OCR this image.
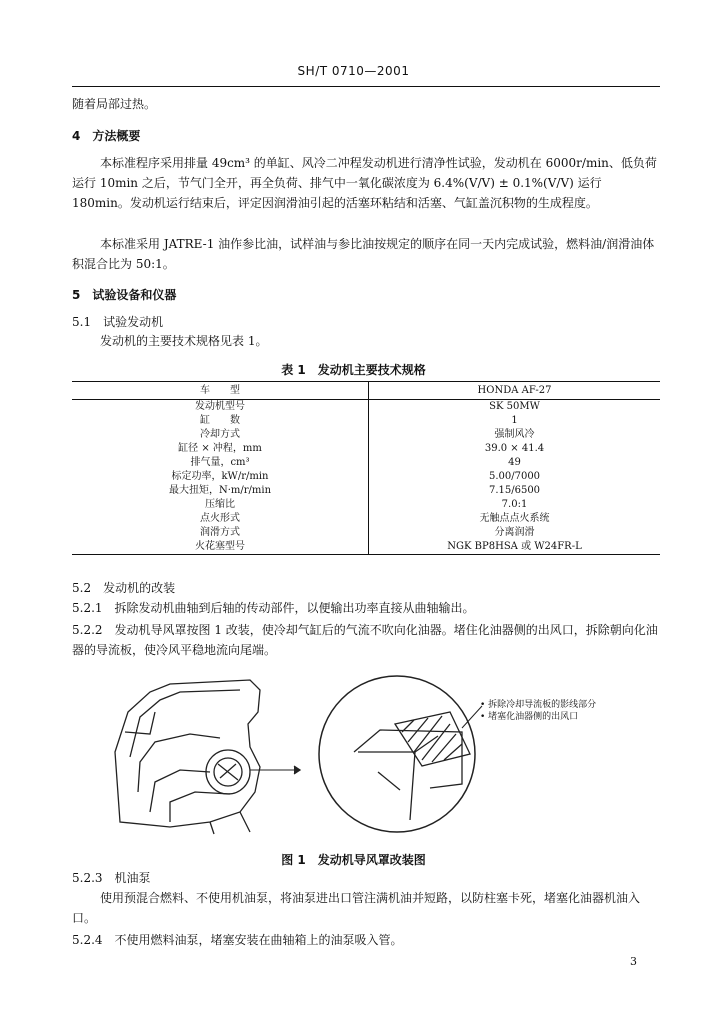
SH/T 0710—2001

随着局部过热。

4　方法概要

本标准程序采用排量 49cm³ 的单缸、风冷二冲程发动机进行清净性试验，发动机在 6000r/min、低负荷运行 10min 之后，节气门全开，再全负荷、排气中一氧化碳浓度为 6.4%(V/V) ± 0.1%(V/V) 运行 180min。发动机运行结束后，评定因润滑油引起的活塞环粘结和活塞、气缸盖沉积物的生成程度。

本标准采用 JATRE-1 油作参比油，试样油与参比油按规定的顺序在同一天内完成试验，燃料油/润滑油体积混合比为 50:1。

5　试验设备和仪器

5.1　试验发动机

发动机的主要技术规格见表 1。

表 1　发动机主要技术规格
车　　型	HONDA AF-27
发动机型号	SK 50MW
缸　　数	1
冷却方式	强制风冷
缸径 × 冲程，mm	39.0 × 41.4
排气量，cm³	49
标定功率，kW/r/min	5.00/7000
最大扭矩，N·m/r/min	7.15/6500
压缩比	7.0:1
点火形式	无触点点火系统
润滑方式	分离润滑
火花塞型号	NGK BP8HSA 或 W24FR-L

5.2　发动机的改装

5.2.1　拆除发动机曲轴到后轴的传动部件，以便输出功率直接从曲轴输出。

5.2.2　发动机导风罩按图 1 改装，使冷却气缸后的气流不吹向化油器。堵住化油器侧的出风口，拆除朝向化油器的导流板，使冷风平稳地流向尾端。

• 拆除冷却导流板的影线部分
• 堵塞化油器侧的出风口
图 1　发动机导风罩改装图

5.2.3　机油泵

使用预混合燃料、不使用机油泵，将油泵进出口管注满机油并短路，以防柱塞卡死，堵塞化油器机油入口。

5.2.4　不使用燃料油泵，堵塞安装在曲轴箱上的油泵吸入管。

3
